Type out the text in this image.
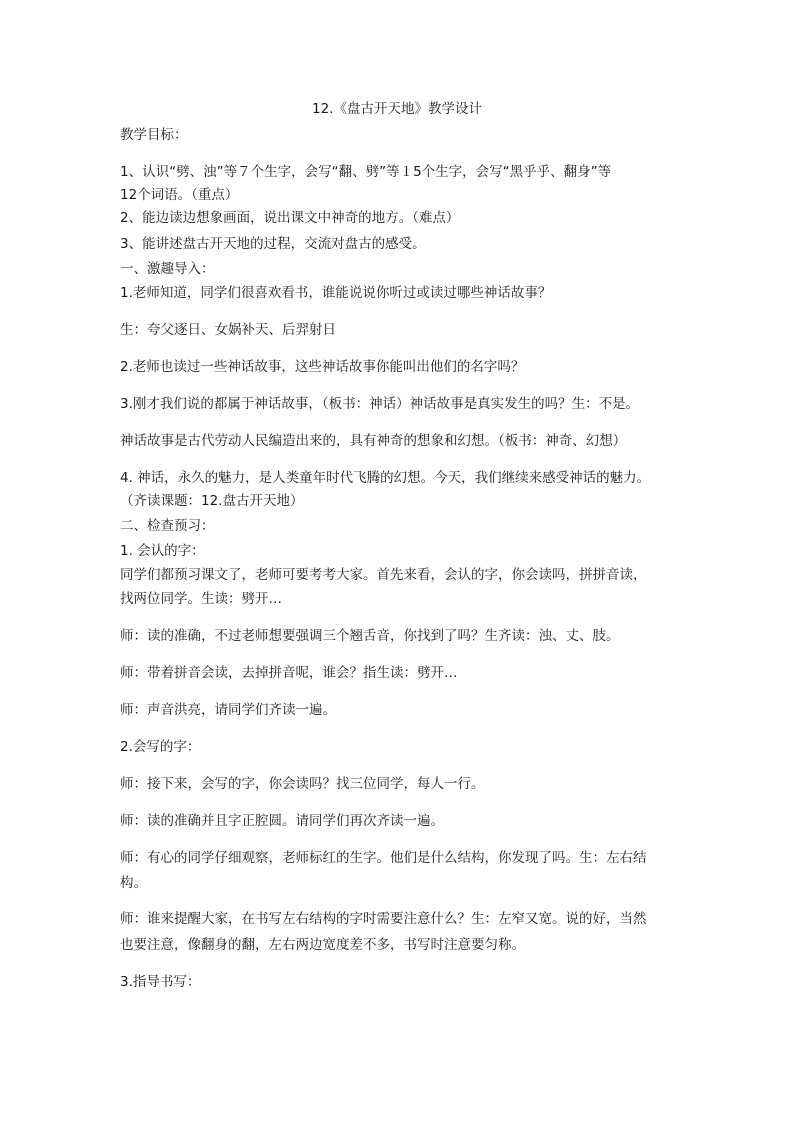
12.《盘古开天地》教学设计
教学目标：
1、认识“劈、浊”等７个生字，会写“翻、劈”等１5个生字，会写“黑乎乎、翻身”等
12个词语。（重点）
2、能边读边想象画面，说出课文中神奇的地方。（难点）
3、能讲述盘古开天地的过程，交流对盘古的感受。
一、激趣导入：
1.老师知道，同学们很喜欢看书，谁能说说你听过或读过哪些神话故事？
生：夸父逐日、女娲补天、后羿射日
2.老师也读过一些神话故事，这些神话故事你能叫出他们的名字吗？
3.刚才我们说的都属于神话故事，（板书：神话）神话故事是真实发生的吗？生：不是。
神话故事是古代劳动人民编造出来的，具有神奇的想象和幻想。（板书：神奇、幻想）
4. 神话，永久的魅力，是人类童年时代飞腾的幻想。今天，我们继续来感受神话的魅力。
（齐读课题：12.盘古开天地）
二、检查预习：
1. 会认的字：
同学们都预习课文了，老师可要考考大家。首先来看，会认的字，你会读吗，拼拼音读，
找两位同学。生读：劈开…
师：读的准确，不过老师想要强调三个翘舌音，你找到了吗？生齐读：浊、丈、肢。
师：带着拼音会读，去掉拼音呢，谁会？指生读：劈开…
师：声音洪亮，请同学们齐读一遍。
2.会写的字：
师：接下来，会写的字，你会读吗？找三位同学，每人一行。
师：读的准确并且字正腔圆。请同学们再次齐读一遍。
师：有心的同学仔细观察，老师标红的生字。他们是什么结构，你发现了吗。生：左右结
构。
师：谁来提醒大家，在书写左右结构的字时需要注意什么？生：左窄又宽。说的好，当然
也要注意，像翻身的翻，左右两边宽度差不多，书写时注意要匀称。
3.指导书写：
